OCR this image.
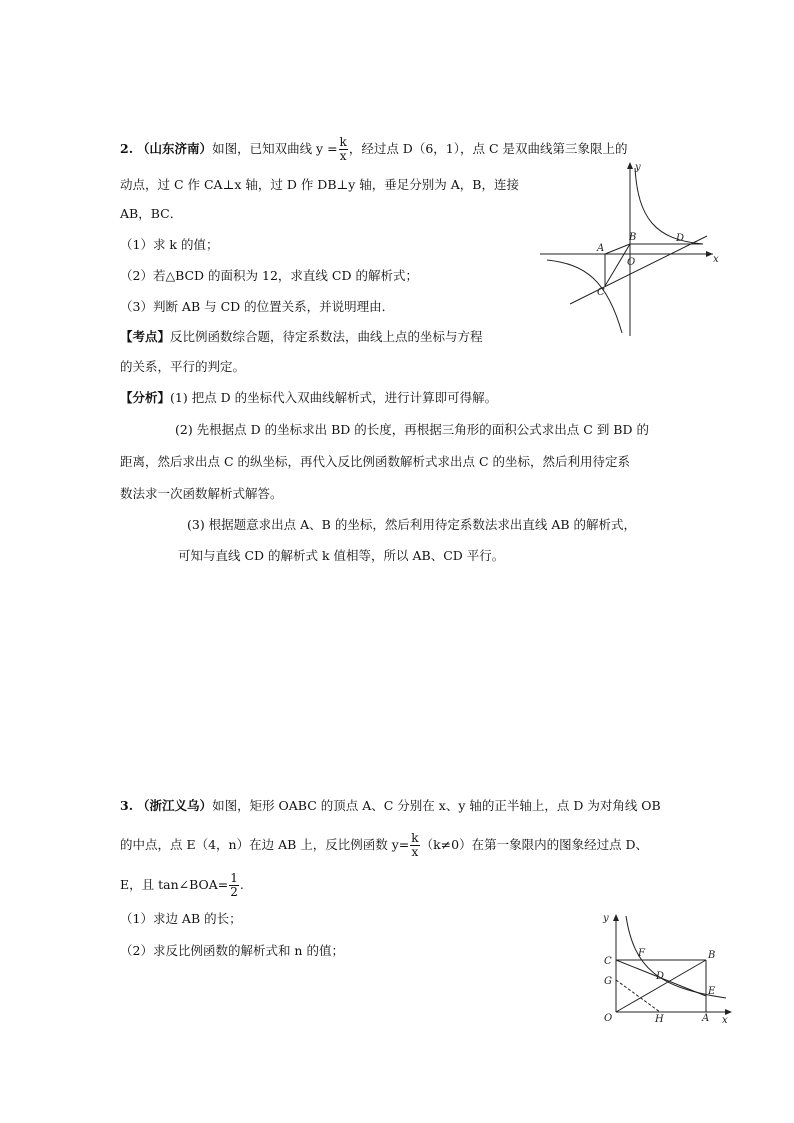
2. （山东济南）如图，已知双曲线 $y = \frac{k}{x}$ ，经过点 D（6，1），点 C 是双曲线第三象限上的
动点，过 C 作 CA⊥x 轴，过 D 作 DB⊥y 轴，垂足分别为 A，B，连接
AB，BC．
（1）求 k 的值；
（2）若△BCD 的面积为 12，求直线 CD 的解析式；
（3）判断 AB 与 CD 的位置关系，并说明理由．
【考点】反比例函数综合题，待定系数法，曲线上点的坐标与方程
的关系，平行的判定。
【分析】(1) 把点 D 的坐标代入双曲线解析式，进行计算即可得解。
(2) 先根据点 D 的坐标求出 BD 的长度，再根据三角形的面积公式求出点 C 到 BD 的
距离，然后求出点 C 的纵坐标，再代入反比例函数解析式求出点 C 的坐标，然后利用待定系
数法求一次函数解析式解答。
(3) 根据题意求出点 A、B 的坐标，然后利用待定系数法求出直线 AB 的解析式，
可知与直线 CD 的解析式 k 值相等，所以 AB、CD 平行。
y
x
A
B
C
D
O
3. （浙江义乌）如图，矩形 OABC 的顶点 A、C 分别在 x、y 轴的正半轴上，点 D 为对角线 OB
的中点，点 E（4，n）在边 AB 上，反比例函数 $y= \frac{k}{x} (k\ne 0)$在第一象限内的图象经过点 D、
E，且 tan∠BOA= $\frac{1}{2}$ .
（1）求边 AB 的长；
（2）求反比例函数的解析式和 n 的值；
y
x
O	A
B
C
D
E
F
G
H
